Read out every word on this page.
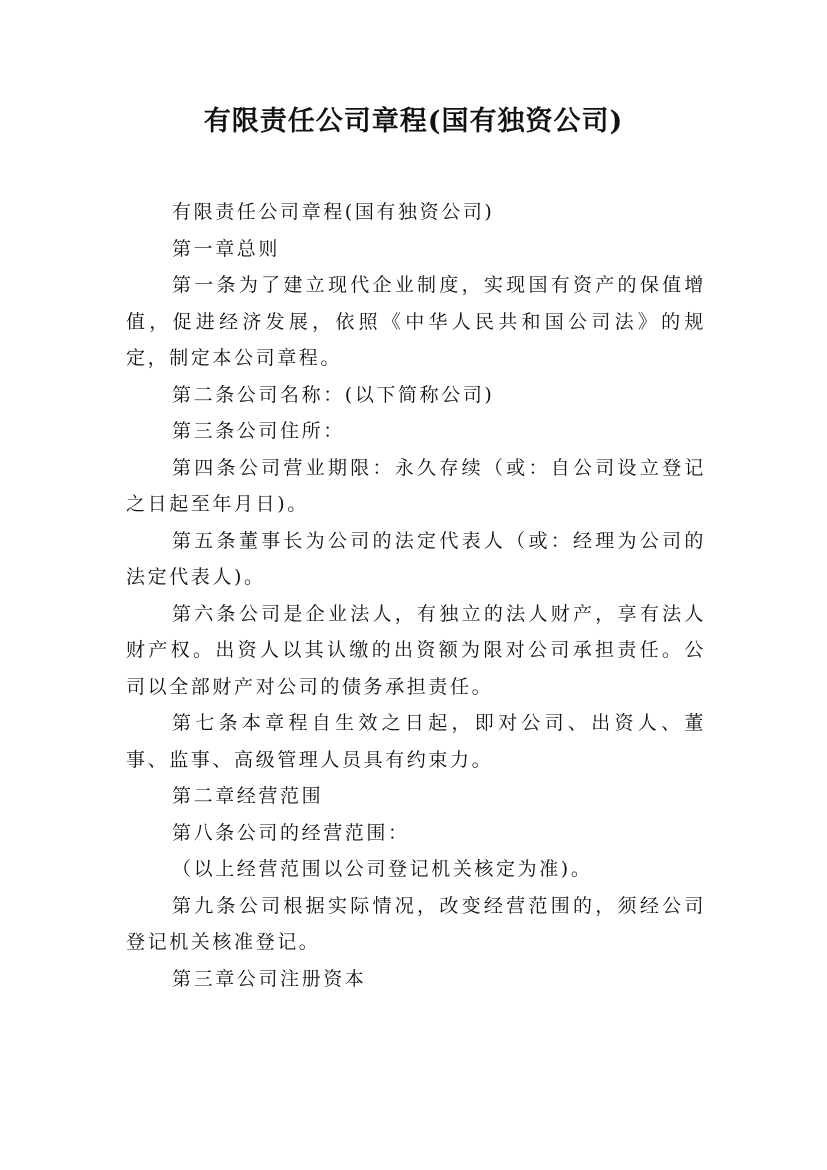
有限责任公司章程(国有独资公司)

有限责任公司章程(国有独资公司)

第一章总则

第一条为了建立现代企业制度，实现国有资产的保值增值，促进经济发展，依照《中华人民共和国公司法》的规定，制定本公司章程。

第二条公司名称：(以下简称公司)

第三条公司住所：

第四条公司营业期限：永久存续（或：自公司设立登记之日起至年月日)。

第五条董事长为公司的法定代表人（或：经理为公司的法定代表人)。

第六条公司是企业法人，有独立的法人财产，享有法人财产权。出资人以其认缴的出资额为限对公司承担责任。公司以全部财产对公司的债务承担责任。

第七条本章程自生效之日起，即对公司、出资人、董事、监事、高级管理人员具有约束力。

第二章经营范围

第八条公司的经营范围：

（以上经营范围以公司登记机关核定为准)。

第九条公司根据实际情况，改变经营范围的，须经公司登记机关核准登记。

第三章公司注册资本
